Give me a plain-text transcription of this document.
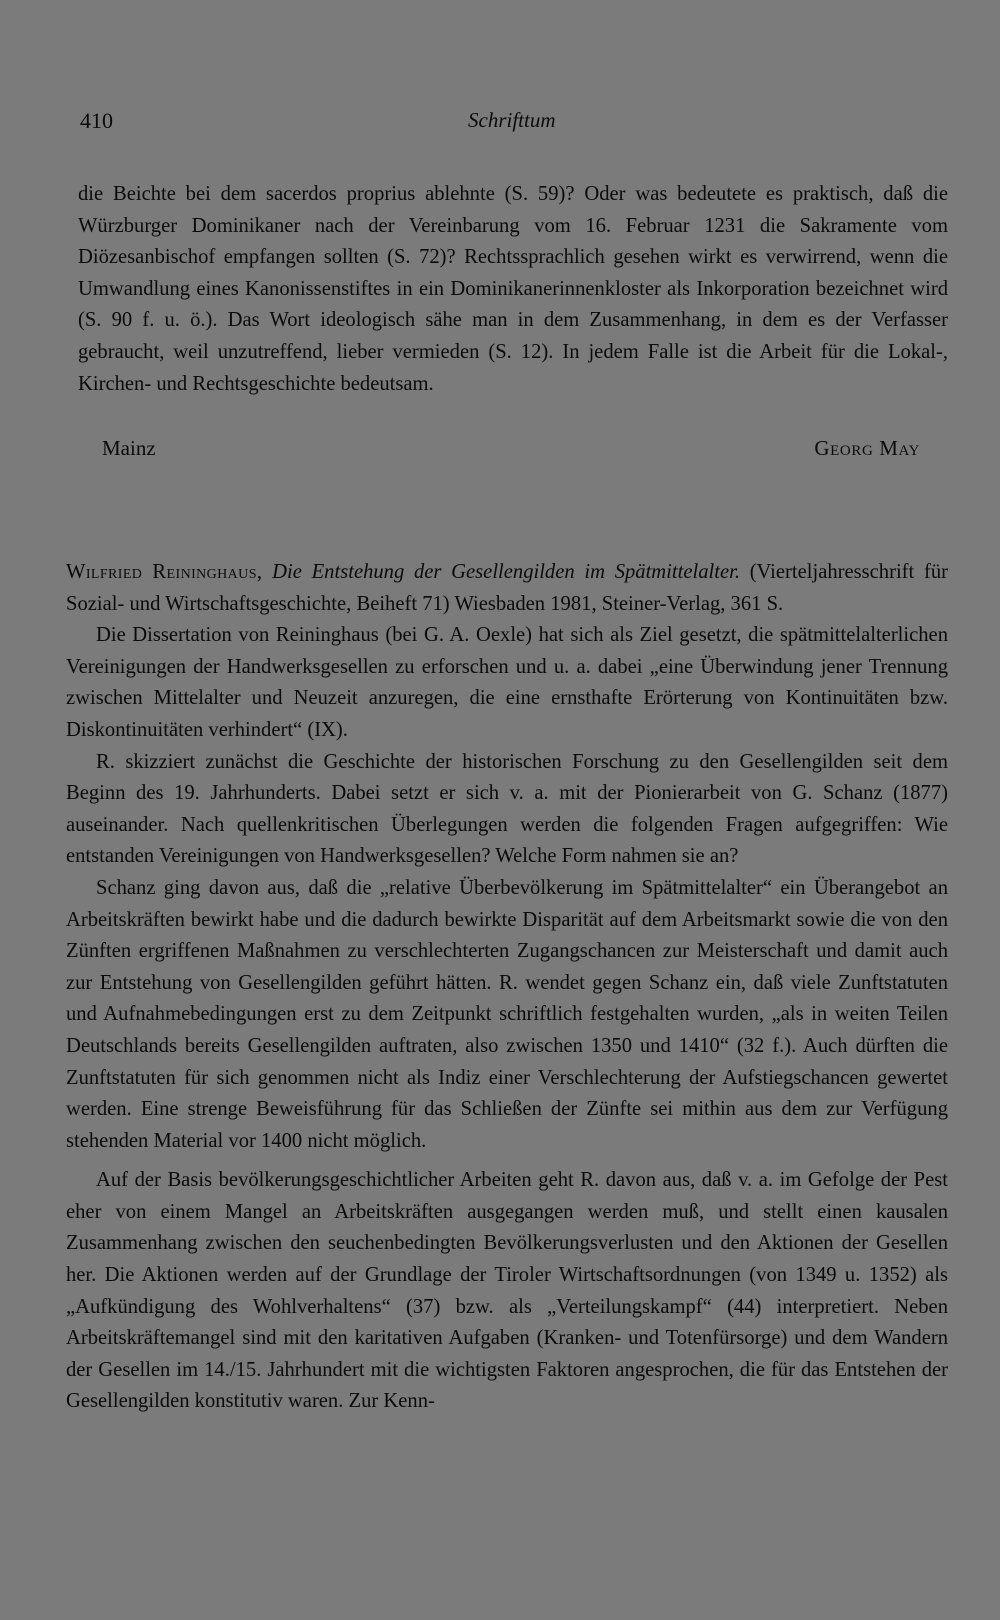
410	Schrifttum

die Beichte bei dem sacerdos proprius ablehnte (S. 59)? Oder was bedeutete es praktisch, daß die Würzburger Dominikaner nach der Vereinbarung vom 16. Februar 1231 die Sakramente vom Diözesanbischof empfangen sollten (S. 72)? Rechtssprachlich gesehen wirkt es verwirrend, wenn die Umwandlung eines Kanonissenstiftes in ein Dominikanerinnenkloster als Inkorporation bezeichnet wird (S. 90 f. u. ö.). Das Wort ideologisch sähe man in dem Zusammenhang, in dem es der Verfasser gebraucht, weil unzutreffend, lieber vermieden (S. 12). In jedem Falle ist die Arbeit für die Lokal-, Kirchen- und Rechtsgeschichte bedeutsam.

Mainz	Georg May

Wilfried Reininghaus, Die Entstehung der Gesellengilden im Spätmittelalter. (Vierteljahresschrift für Sozial- und Wirtschaftsgeschichte, Beiheft 71) Wiesbaden 1981, Steiner-Verlag, 361 S.

Die Dissertation von Reininghaus (bei G. A. Oexle) hat sich als Ziel gesetzt, die spätmittelalterlichen Vereinigungen der Handwerksgesellen zu erforschen und u. a. dabei „eine Überwindung jener Trennung zwischen Mittelalter und Neuzeit anzuregen, die eine ernsthafte Erörterung von Kontinuitäten bzw. Diskontinuitäten verhindert“ (IX).

R. skizziert zunächst die Geschichte der historischen Forschung zu den Gesellengilden seit dem Beginn des 19. Jahrhunderts. Dabei setzt er sich v. a. mit der Pionierarbeit von G. Schanz (1877) auseinander. Nach quellenkritischen Überlegungen werden die folgenden Fragen aufgegriffen: Wie entstanden Vereinigungen von Handwerksgesellen? Welche Form nahmen sie an?

Schanz ging davon aus, daß die „relative Überbevölkerung im Spätmittelalter“ ein Überangebot an Arbeitskräften bewirkt habe und die dadurch bewirkte Disparität auf dem Arbeitsmarkt sowie die von den Zünften ergriffenen Maßnahmen zu verschlechterten Zugangschancen zur Meisterschaft und damit auch zur Entstehung von Gesellengilden geführt hätten. R. wendet gegen Schanz ein, daß viele Zunftstatuten und Aufnahmebedingungen erst zu dem Zeitpunkt schriftlich festgehalten wurden, „als in weiten Teilen Deutschlands bereits Gesellengilden auftraten, also zwischen 1350 und 1410“ (32 f.). Auch dürften die Zunftstatuten für sich genommen nicht als Indiz einer Verschlechterung der Aufstiegschancen gewertet werden. Eine strenge Beweisführung für das Schließen der Zünfte sei mithin aus dem zur Verfügung stehenden Material vor 1400 nicht möglich.

Auf der Basis bevölkerungsgeschichtlicher Arbeiten geht R. davon aus, daß v. a. im Gefolge der Pest eher von einem Mangel an Arbeitskräften ausgegangen werden muß, und stellt einen kausalen Zusammenhang zwischen den seuchenbedingten Bevölkerungsverlusten und den Aktionen der Gesellen her. Die Aktionen werden auf der Grundlage der Tiroler Wirtschaftsordnungen (von 1349 u. 1352) als „Aufkündigung des Wohlverhaltens“ (37) bzw. als „Verteilungskampf“ (44) interpretiert. Neben Arbeitskräftemangel sind mit den karitativen Aufgaben (Kranken- und Totenfürsorge) und dem Wandern der Gesellen im 14./15. Jahrhundert mit die wichtigsten Faktoren angesprochen, die für das Entstehen der Gesellengilden konstitutiv waren. Zur Kenn-
